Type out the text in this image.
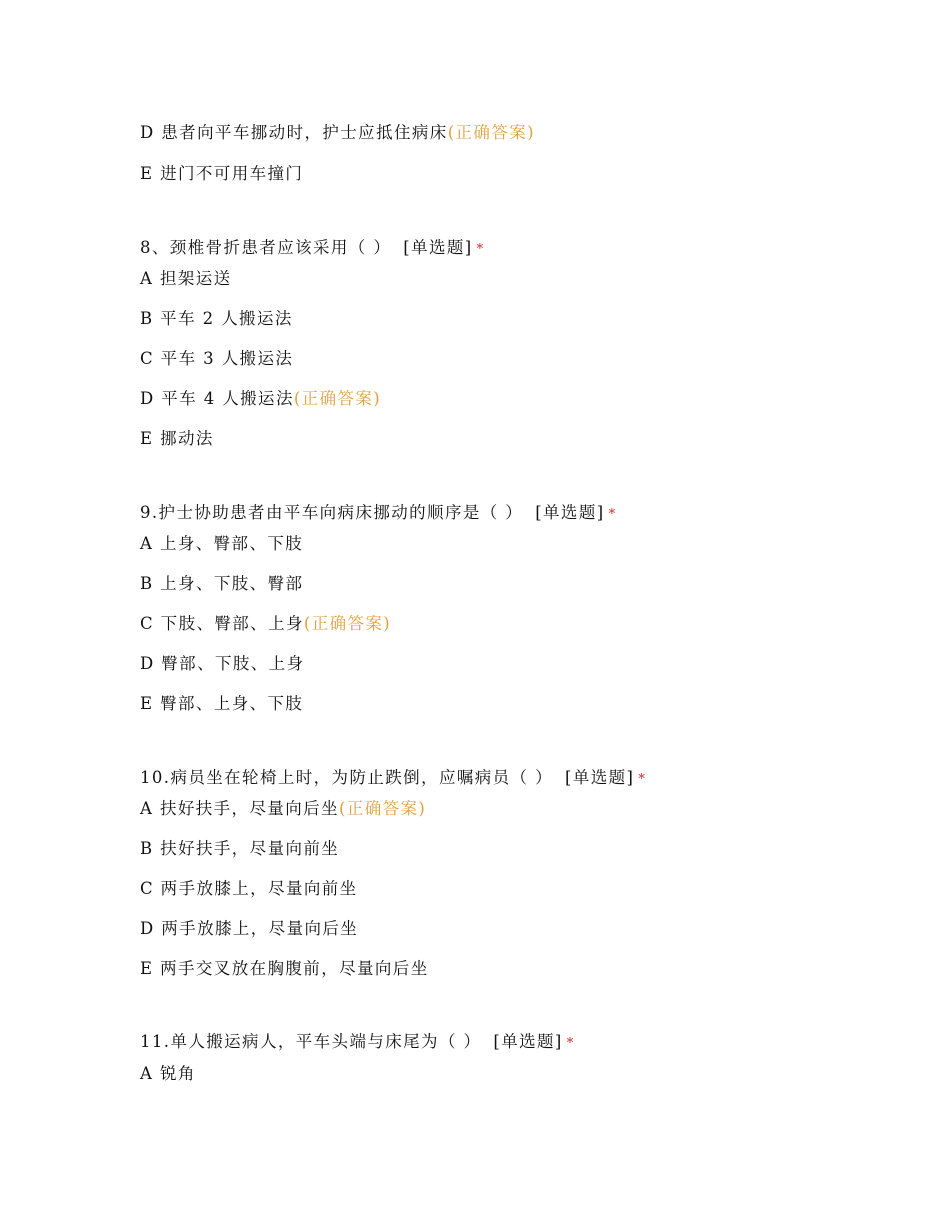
D 患者向平车挪动时，护士应抵住病床(正确答案)
E 进门不可用车撞门
8、颈椎骨折患者应该采用（ ） [单选题] *
A 担架运送
B 平车 2 人搬运法
C 平车 3 人搬运法
D 平车 4 人搬运法(正确答案)
E 挪动法
9.护士协助患者由平车向病床挪动的顺序是（ ） [单选题] *
A 上身、臀部、下肢
B 上身、下肢、臀部
C 下肢、臀部、上身(正确答案)
D 臀部、下肢、上身
E 臀部、上身、下肢
10.病员坐在轮椅上时，为防止跌倒，应嘱病员（ ） [单选题] *
A 扶好扶手，尽量向后坐(正确答案)
B 扶好扶手，尽量向前坐
C 两手放膝上，尽量向前坐
D 两手放膝上，尽量向后坐
E 两手交叉放在胸腹前，尽量向后坐
11.单人搬运病人，平车头端与床尾为（ ） [单选题] *
A 锐角
